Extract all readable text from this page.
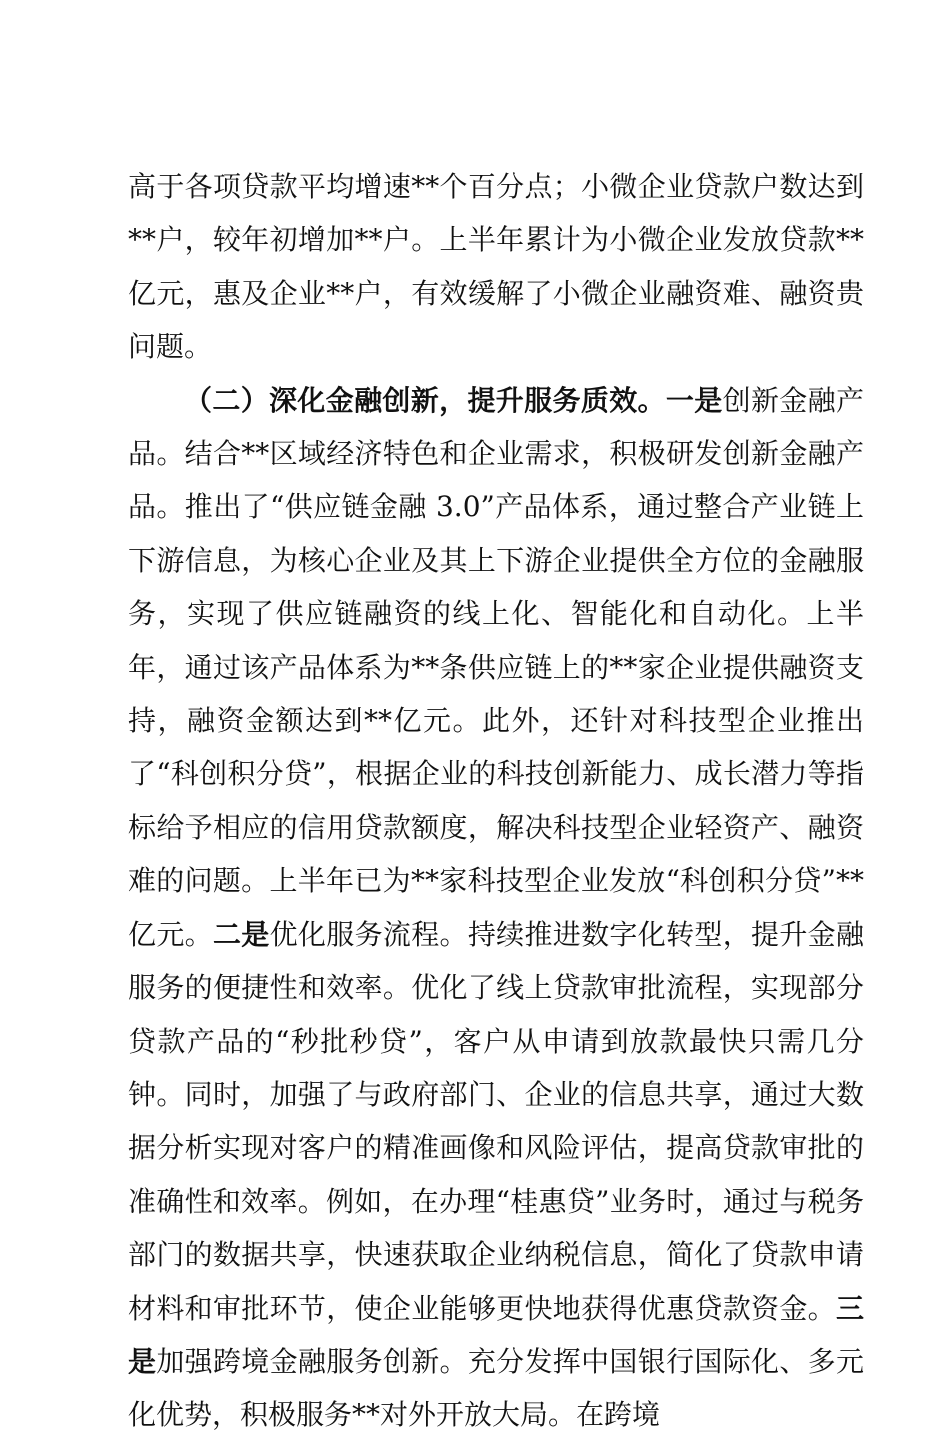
高于各项贷款平均增速**个百分点；小微企业贷款户数达到**户，较年初增加**户。上半年累计为小微企业发放贷款**亿元，惠及企业**户，有效缓解了小微企业融资难、融资贵问题。

（二）深化金融创新，提升服务质效。一是创新金融产品。结合**区域经济特色和企业需求，积极研发创新金融产品。推出了“供应链金融 3.0”产品体系，通过整合产业链上下游信息，为核心企业及其上下游企业提供全方位的金融服务，实现了供应链融资的线上化、智能化和自动化。上半年，通过该产品体系为**条供应链上的**家企业提供融资支持，融资金额达到**亿元。此外，还针对科技型企业推出了“科创积分贷”，根据企业的科技创新能力、成长潜力等指标给予相应的信用贷款额度，解决科技型企业轻资产、融资难的问题。上半年已为**家科技型企业发放“科创积分贷”**亿元。二是优化服务流程。持续推进数字化转型，提升金融服务的便捷性和效率。优化了线上贷款审批流程，实现部分贷款产品的“秒批秒贷”，客户从申请到放款最快只需几分钟。同时，加强了与政府部门、企业的信息共享，通过大数据分析实现对客户的精准画像和风险评估，提高贷款审批的准确性和效率。例如，在办理“桂惠贷”业务时，通过与税务部门的数据共享，快速获取企业纳税信息，简化了贷款申请材料和审批环节，使企业能够更快地获得优惠贷款资金。三是加强跨境金融服务创新。充分发挥中国银行国际化、多元化优势，积极服务**对外开放大局。在跨境
